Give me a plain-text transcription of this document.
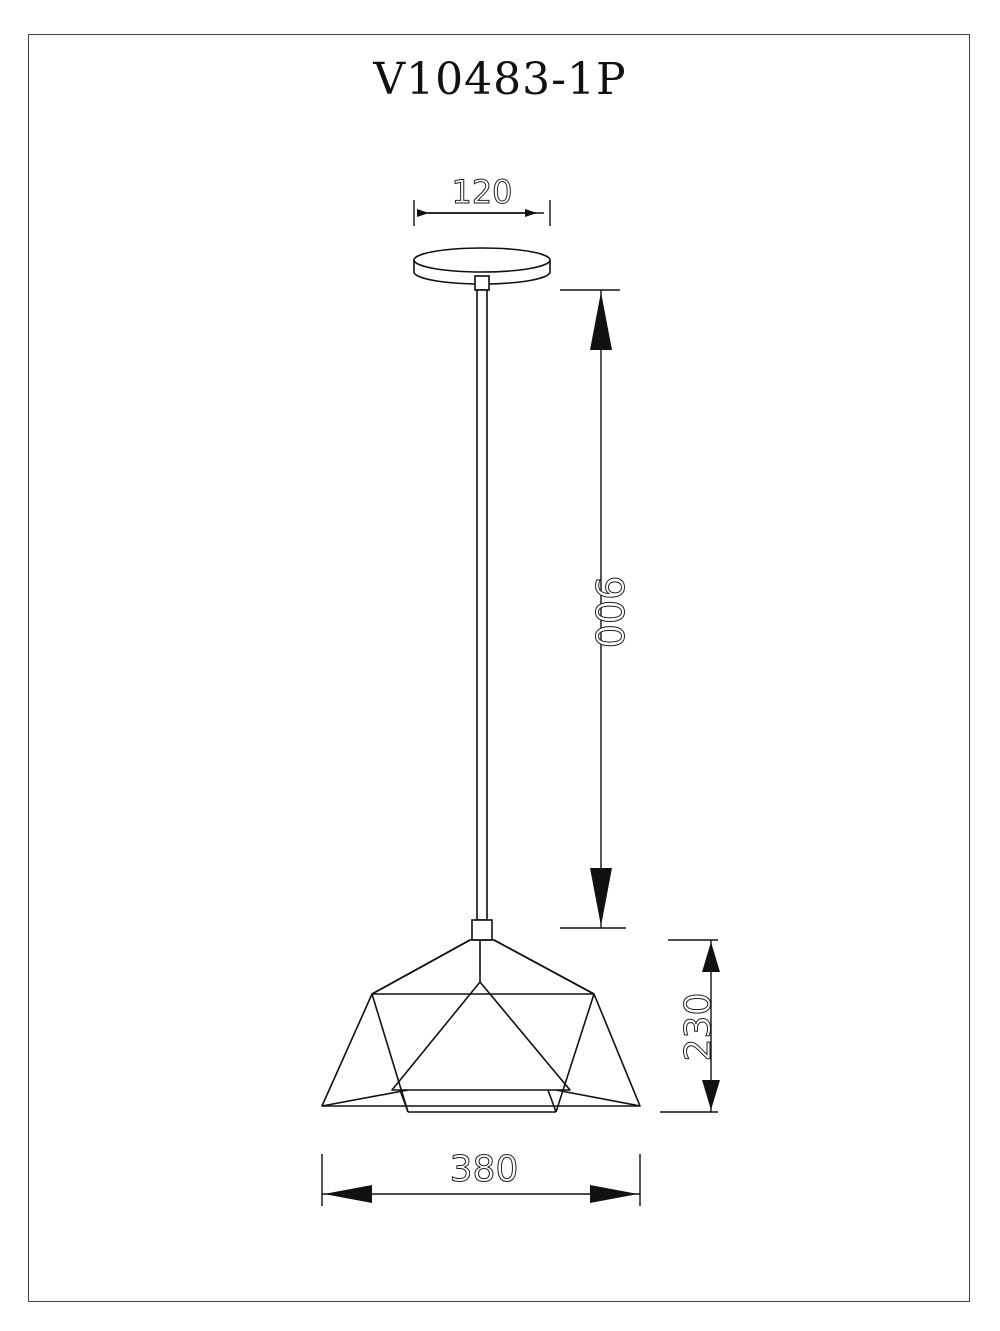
V10483-1P
120
900
230
380
